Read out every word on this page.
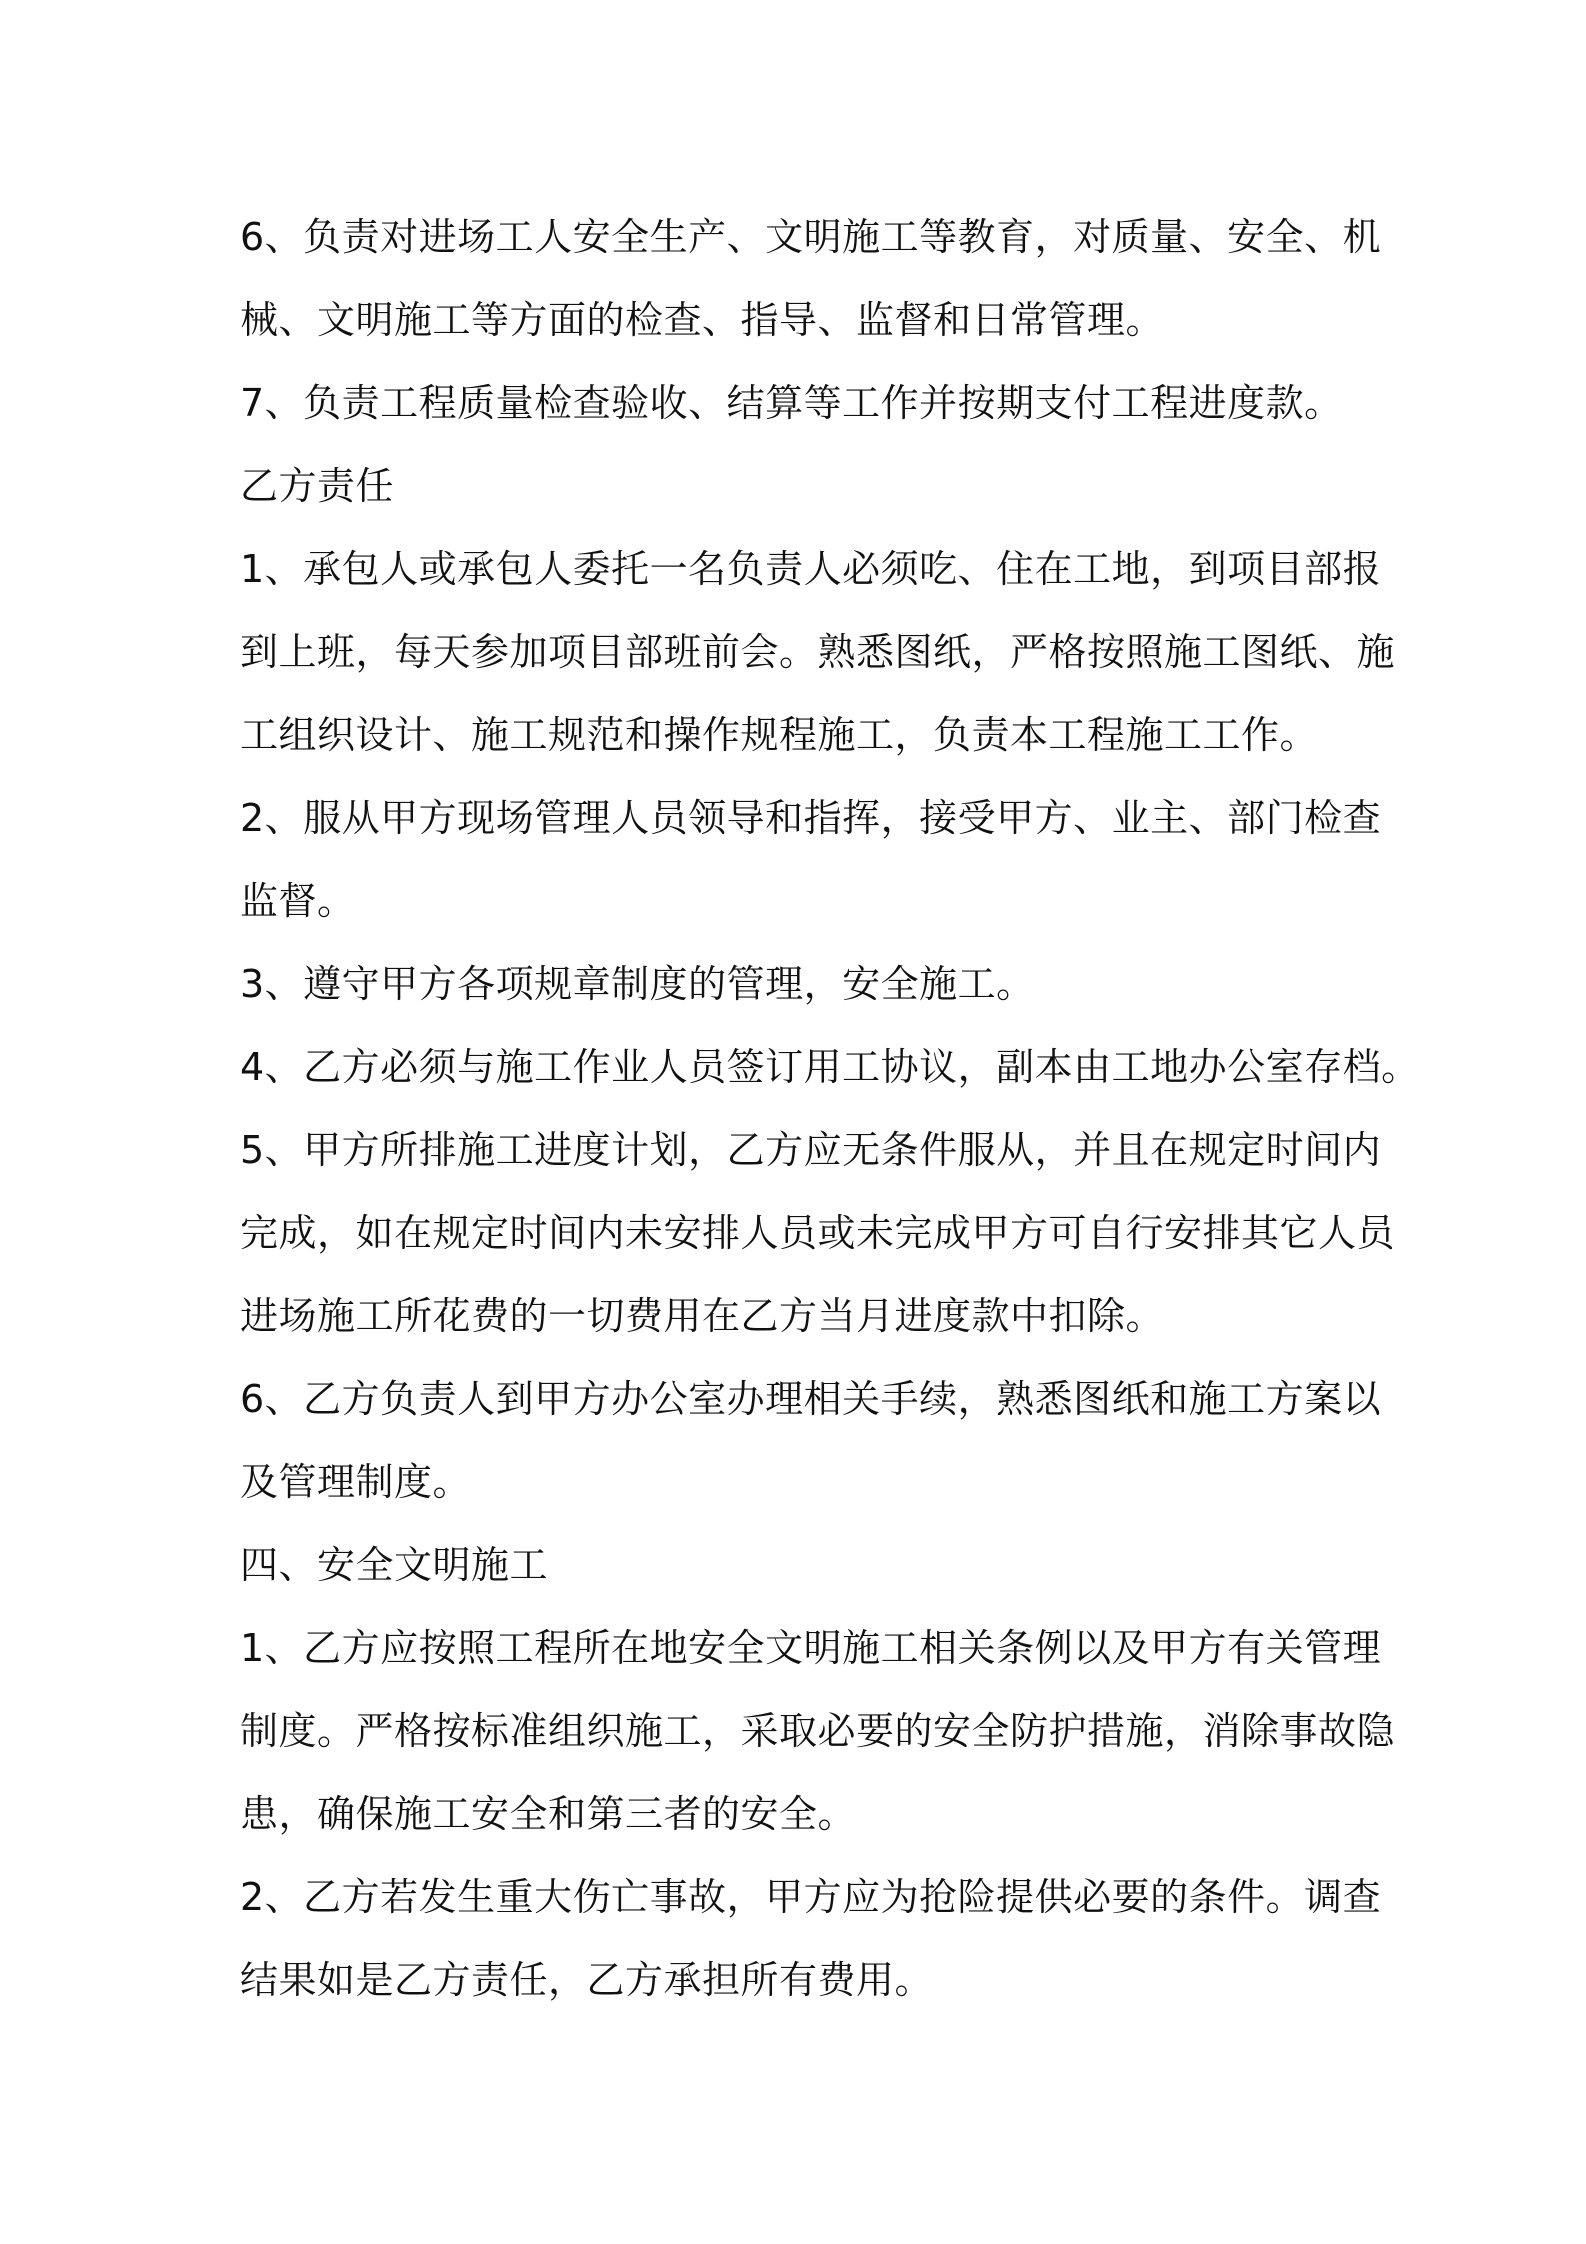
6、负责对进场工人安全生产、文明施工等教育，对质量、安全、机
械、文明施工等方面的检查、指导、监督和日常管理。
7、负责工程质量检查验收、结算等工作并按期支付工程进度款。
乙方责任
1、承包人或承包人委托一名负责人必须吃、住在工地，到项目部报
到上班，每天参加项目部班前会。熟悉图纸，严格按照施工图纸、施
工组织设计、施工规范和操作规程施工，负责本工程施工工作。
2、服从甲方现场管理人员领导和指挥，接受甲方、业主、部门检查
监督。
3、遵守甲方各项规章制度的管理，安全施工。
4、乙方必须与施工作业人员签订用工协议，副本由工地办公室存档。
5、甲方所排施工进度计划，乙方应无条件服从，并且在规定时间内
完成，如在规定时间内未安排人员或未完成甲方可自行安排其它人员
进场施工所花费的一切费用在乙方当月进度款中扣除。
6、乙方负责人到甲方办公室办理相关手续，熟悉图纸和施工方案以
及管理制度。
四、安全文明施工
1、乙方应按照工程所在地安全文明施工相关条例以及甲方有关管理
制度。严格按标准组织施工，采取必要的安全防护措施，消除事故隐
患，确保施工安全和第三者的安全。
2、乙方若发生重大伤亡事故，甲方应为抢险提供必要的条件。调查
结果如是乙方责任，乙方承担所有费用。
